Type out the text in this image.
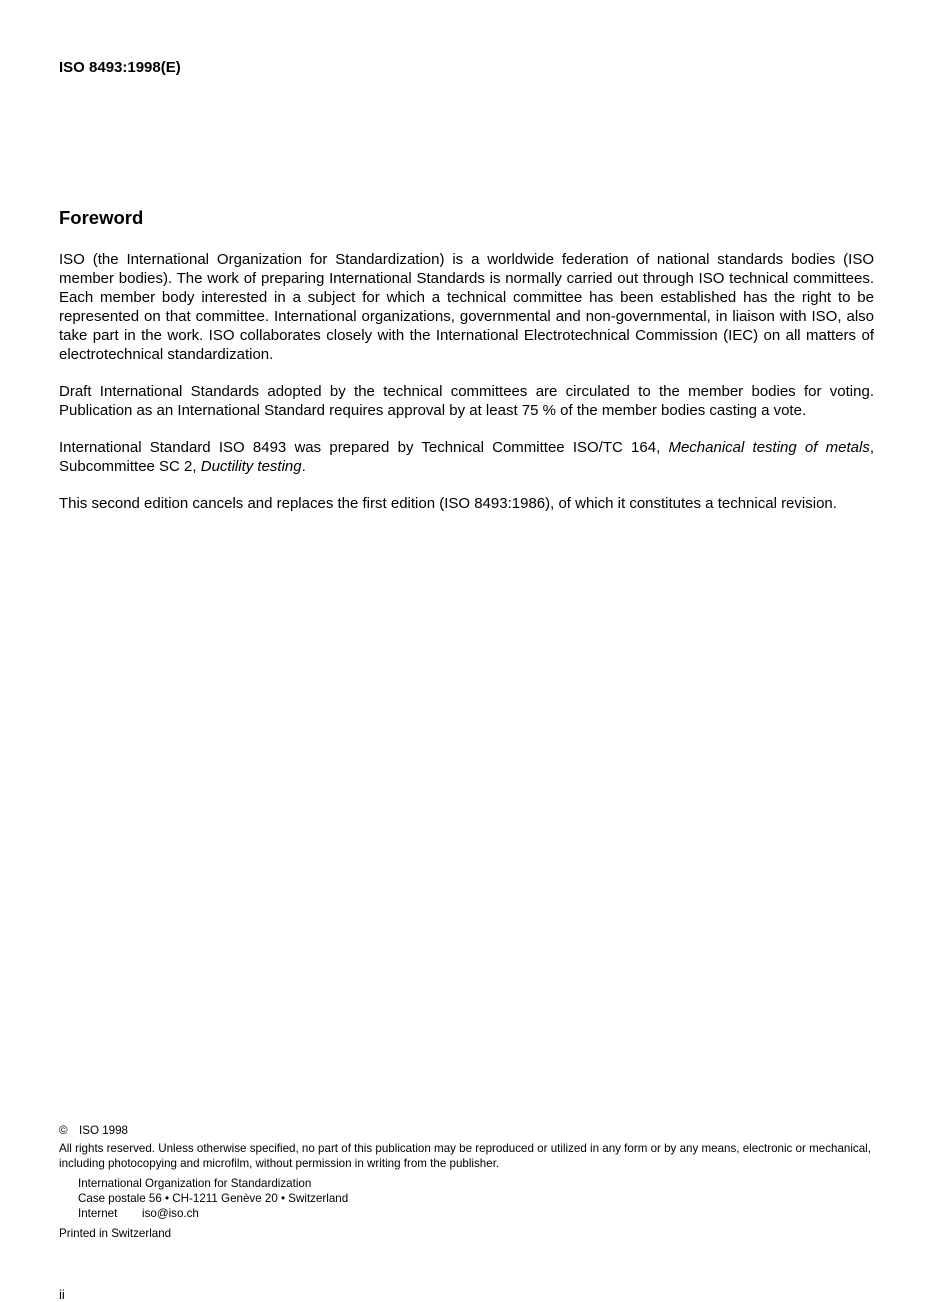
ISO 8493:1998(E)
Foreword

ISO (the International Organization for Standardization) is a worldwide federation of national standards bodies (ISO member bodies). The work of preparing International Standards is normally carried out through ISO technical committees. Each member body interested in a subject for which a technical committee has been established has the right to be represented on that committee. International organizations, governmental and non-governmental, in liaison with ISO, also take part in the work. ISO collaborates closely with the International Electrotechnical Commission (IEC) on all matters of electrotechnical standardization.

Draft International Standards adopted by the technical committees are circulated to the member bodies for voting. Publication as an International Standard requires approval by at least 75 % of the member bodies casting a vote.

International Standard ISO 8493 was prepared by Technical Committee ISO/TC 164, Mechanical testing of metals, Subcommittee SC 2, Ductility testing.

This second edition cancels and replaces the first edition (ISO 8493:1986), of which it constitutes a technical revision.

© ISO 1998
All rights reserved. Unless otherwise specified, no part of this publication may be reproduced or utilized in any form or by any means, electronic or mechanical, including photocopying and microfilm, without permission in writing from the publisher.
International Organization for Standardization
Case postale 56 • CH-1211 Genève 20 • Switzerland
Internet iso@iso.ch
Printed in Switzerland
ii
